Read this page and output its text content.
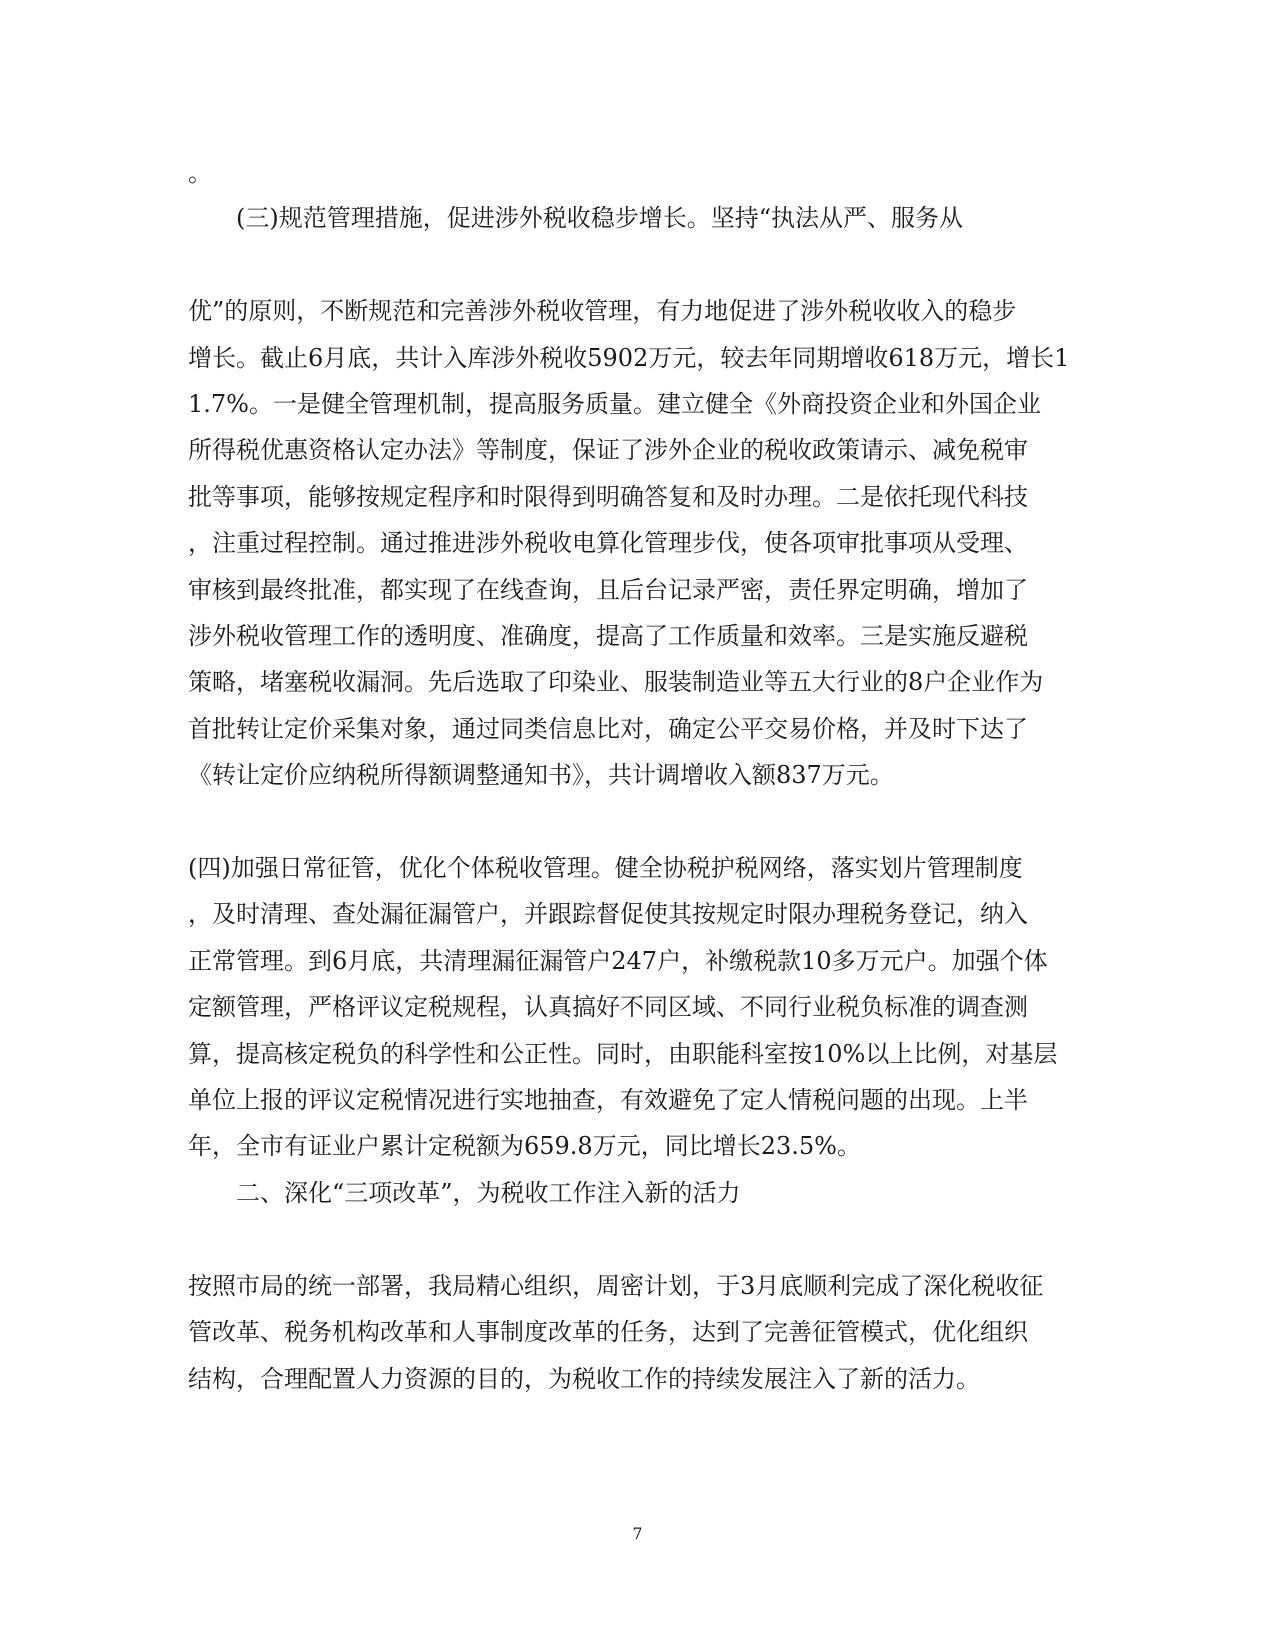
。
(三)规范管理措施，促进涉外税收稳步增长。坚持“执法从严、服务从
优”的原则，不断规范和完善涉外税收管理，有力地促进了涉外税收收入的稳步
增长。截止6月底，共计入库涉外税收5902万元，较去年同期增收618万元，增长1
1.7%。一是健全管理机制，提高服务质量。建立健全《外商投资企业和外国企业
所得税优惠资格认定办法》等制度，保证了涉外企业的税收政策请示、减免税审
批等事项，能够按规定程序和时限得到明确答复和及时办理。二是依托现代科技
，注重过程控制。通过推进涉外税收电算化管理步伐，使各项审批事项从受理、
审核到最终批准，都实现了在线查询，且后台记录严密，责任界定明确，增加了
涉外税收管理工作的透明度、准确度，提高了工作质量和效率。三是实施反避税
策略，堵塞税收漏洞。先后选取了印染业、服装制造业等五大行业的8户企业作为
首批转让定价采集对象，通过同类信息比对，确定公平交易价格，并及时下达了
《转让定价应纳税所得额调整通知书》，共计调增收入额837万元。
(四)加强日常征管，优化个体税收管理。健全协税护税网络，落实划片管理制度
，及时清理、查处漏征漏管户，并跟踪督促使其按规定时限办理税务登记，纳入
正常管理。到6月底，共清理漏征漏管户247户，补缴税款10多万元户。加强个体
定额管理，严格评议定税规程，认真搞好不同区域、不同行业税负标准的调查测
算，提高核定税负的科学性和公正性。同时，由职能科室按10%以上比例，对基层
单位上报的评议定税情况进行实地抽查，有效避免了定人情税问题的出现。上半
年，全市有证业户累计定税额为659.8万元，同比增长23.5%。
二、深化“三项改革”，为税收工作注入新的活力
按照市局的统一部署，我局精心组织，周密计划，于3月底顺利完成了深化税收征
管改革、税务机构改革和人事制度改革的任务，达到了完善征管模式，优化组织
结构，合理配置人力资源的目的，为税收工作的持续发展注入了新的活力。
7
